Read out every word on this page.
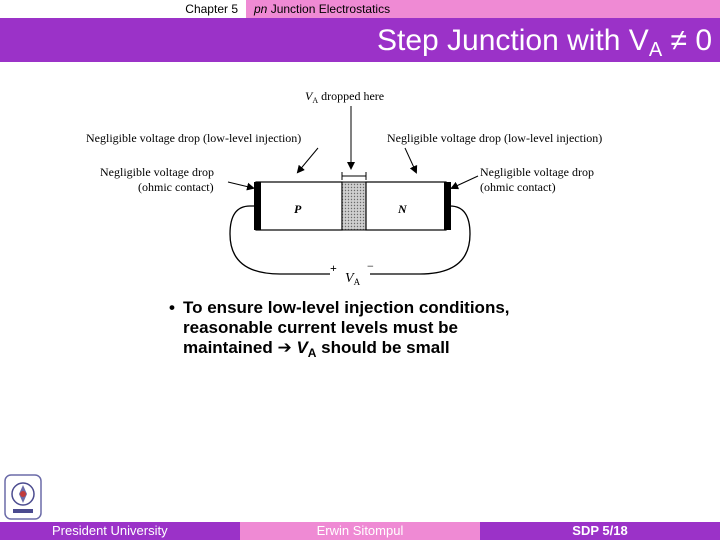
Chapter 5	pn Junction Electrostatics
Step Junction with $V_A \ne 0$
$V_A$ dropped here
Negligible voltage drop (low-level injection)	Negligible voltage drop (low-level injection)
Negligible voltage drop
(ohmic contact)
Negligible voltage drop
(ohmic contact)
P	N
+	−
$V_A$
• To ensure low-level injection conditions,
reasonable current levels must be
maintained ➔ $V_A$ should be small
President University	Erwin Sitompul	SDP 5/18
